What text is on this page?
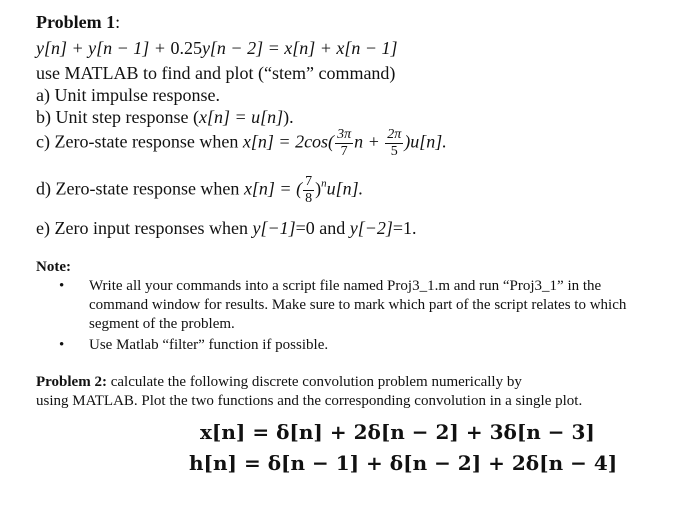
Problem 1:
y[n] + y[n − 1] + 0.25y[n − 2] = x[n] + x[n − 1]
use MATLAB to find and plot (“stem” command)
a) Unit impulse response.
b) Unit step response (x[n] = u[n]).
c) Zero-state response when $x[n] = 2\cos( \frac{3\pi}{7}$ $n + \frac{2\pi}{5} )u[n]$.
d) Zero-state response when x[n] = ( $\frac{7}{8} )^nu[n]$.
e) Zero input responses when y[−1]=0 and y[−2]=1.
Note:
• Write all your commands into a script file named Proj3_1.m and run “Proj3_1” in the
command window for results. Make sure to mark which part of the script relates to which
segment of the problem.
• Use Matlab “filter” function if possible.
Problem 2: calculate the following discrete convolution problem numerically by
using MATLAB. Plot the two functions and the corresponding convolution in a single plot.
x[n] = δ[n] + 2δ[n − 2] + 3δ[n − 3]
h[n] = δ[n − 1] + δ[n − 2] + 2δ[n − 4]
